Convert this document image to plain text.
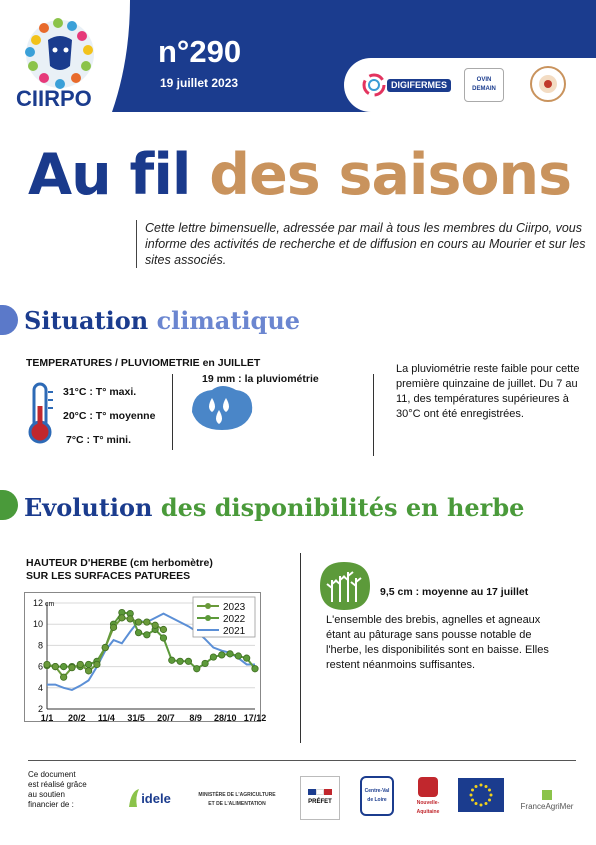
CIIRPO
n°290
19 juillet 2023	DIGIFERMES	OVIN DEMAIN
Au fil des saisons
Cette lettre bimensuelle, adressée par mail à tous les membres du Ciirpo, vous informe des activités de recherche et de diffusion en cours au Mourier et sur les sites associés.
Situation climatique
TEMPERATURES / PLUVIOMETRIE en JUILLET
31°C : T° maxi.
20°C : T° moyenne
7°C : T° mini.
19 mm : la pluviométrie
La pluviométrie reste faible pour cette première quinzaine de juillet. Du 7 au 11, des températures supérieures à 30°C ont été enregistrées.
Evolution des disponibilités en herbe
HAUTEUR D'HERBE (cm herbomètre)
SUR LES SURFACES PATUREES
2
4
6
8
10
12 cm
1/1 20/2 11/4 31/5 20/7 8/9 28/10 17/12
2023
2022
2021
9,5 cm : moyenne au 17 juillet
L'ensemble des brebis, agnelles et agneaux étant au pâturage sans pousse notable de l'herbe, les disponibilités sont en baisse. Elles restent néanmoins suffisantes.
Ce document est réalisé grâce au soutien financier de :	idele	MINISTÈRE DE L'AGRICULTURE ET DE L'ALIMENTATION	PRÉFET
Centre-Val de Loire	Nouvelle-Aquitaine
FranceAgriMer
